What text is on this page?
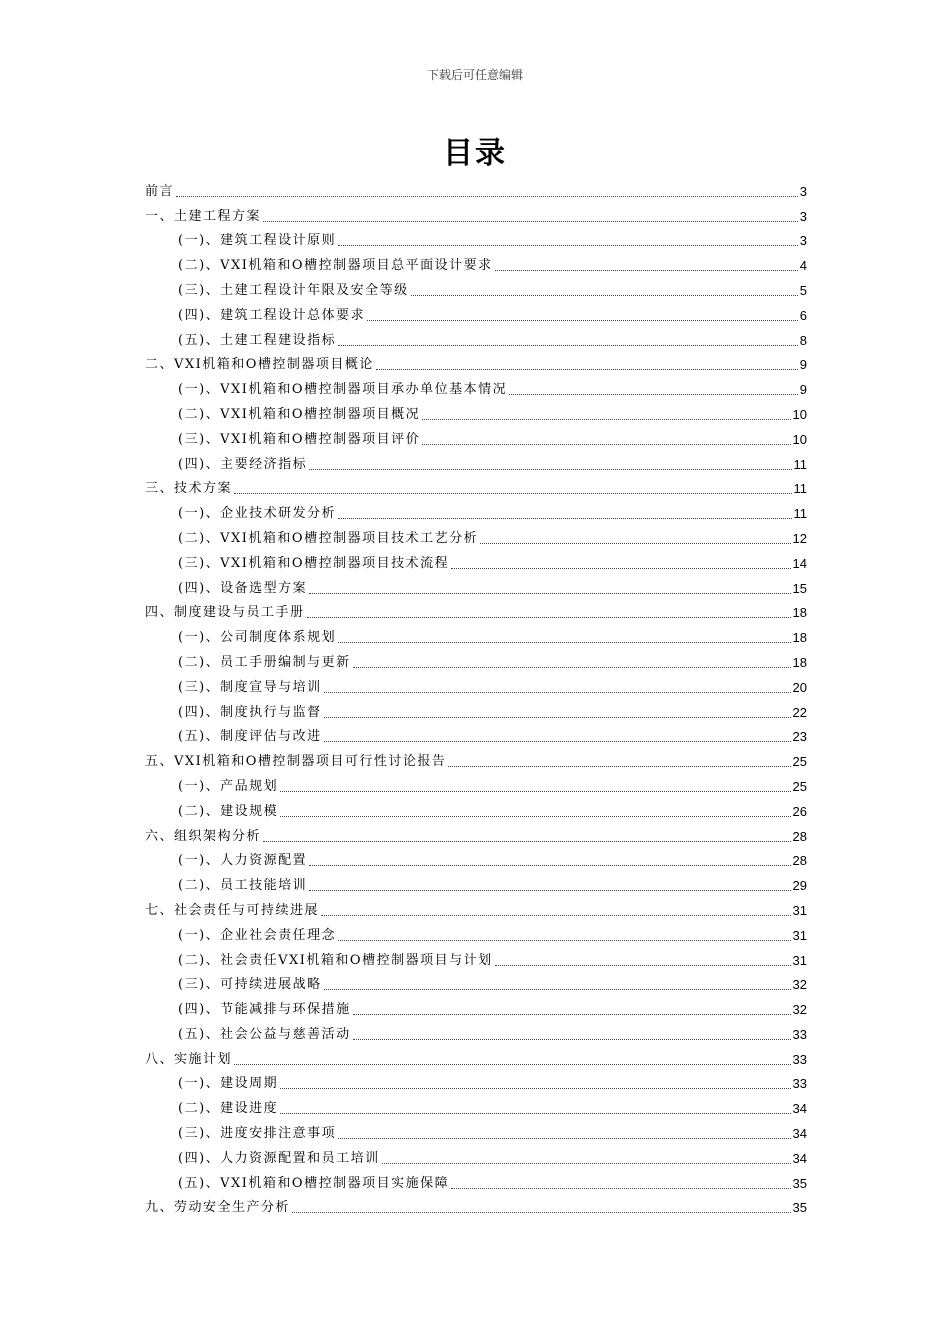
下载后可任意编辑
目录
前言	3
一、土建工程方案	3
(一)、建筑工程设计原则	3
(二)、VXI机箱和O槽控制器项目总平面设计要求	4
(三)、土建工程设计年限及安全等级	5
(四)、建筑工程设计总体要求	6
(五)、土建工程建设指标	8
二、VXI机箱和O槽控制器项目概论	9
(一)、VXI机箱和O槽控制器项目承办单位基本情况	9
(二)、VXI机箱和O槽控制器项目概况	10
(三)、VXI机箱和O槽控制器项目评价	10
(四)、主要经济指标	11
三、技术方案	11
(一)、企业技术研发分析	11
(二)、VXI机箱和O槽控制器项目技术工艺分析	12
(三)、VXI机箱和O槽控制器项目技术流程	14
(四)、设备选型方案	15
四、制度建设与员工手册	18
(一)、公司制度体系规划	18
(二)、员工手册编制与更新	18
(三)、制度宣导与培训	20
(四)、制度执行与监督	22
(五)、制度评估与改进	23
五、VXI机箱和O槽控制器项目可行性讨论报告	25
(一)、产品规划	25
(二)、建设规模	26
六、组织架构分析	28
(一)、人力资源配置	28
(二)、员工技能培训	29
七、社会责任与可持续进展	31
(一)、企业社会责任理念	31
(二)、社会责任VXI机箱和O槽控制器项目与计划	31
(三)、可持续进展战略	32
(四)、节能减排与环保措施	32
(五)、社会公益与慈善活动	33
八、实施计划	33
(一)、建设周期	33
(二)、建设进度	34
(三)、进度安排注意事项	34
(四)、人力资源配置和员工培训	34
(五)、VXI机箱和O槽控制器项目实施保障	35
九、劳动安全生产分析	35
